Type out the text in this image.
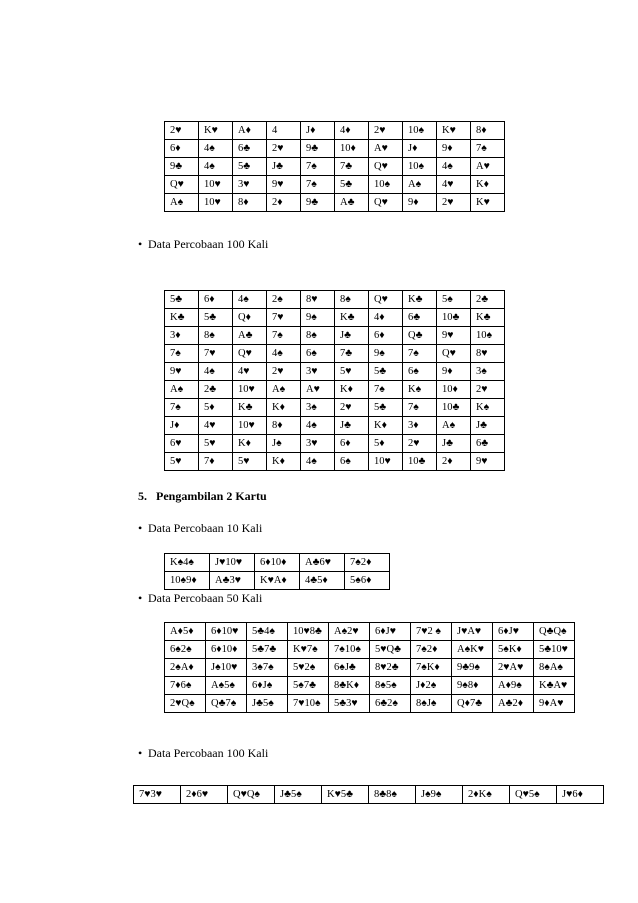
2♥	K♥	A♦	4	J♦	4♦	2♥	10♠	K♥	8♦
6♦	4♠	6♣	2♥	9♣	10♦	A♥	J♦	9♦	7♠
9♣	4♠	5♣	J♣	7♠	7♣	Q♥	10♠	4♠	A♥
Q♥	10♥	3♥	9♥	7♠	5♣	10♠	A♠	4♥	K♦
A♠	10♥	8♦	2♦	9♣	A♣	Q♥	9♦	2♥	K♥
• Data Percobaan 100 Kali
5♣	6♦	4♠	2♠	8♥	8♠	Q♥	K♣	5♠	2♣
K♣	5♣	Q♦	7♥	9♠	K♣	4♦	6♣	10♣	K♣
3♦	8♠	A♣	7♠	8♠	J♣	6♦	Q♣	9♥	10♠
7♠	7♥	Q♥	4♠	6♠	7♣	9♠	7♠	Q♥	8♥
9♥	4♠	4♥	2♥	3♥	5♥	5♣	6♠	9♦	3♠
A♠	2♣	10♥	A♠	A♥	K♦	7♠	K♠	10♦	2♥
7♠	5♦	K♣	K♦	3♠	2♥	5♣	7♠	10♣	K♠
J♦	4♥	10♥	8♦	4♠	J♣	K♦	3♦	A♠	J♣
6♥	5♥	K♦	J♠	3♥	6♦	5♦	2♥	J♣	6♣
5♥	7♦	5♥	K♦	4♠	6♠	10♥	10♣	2♦	9♥
5.   Pengambilan 2 Kartu
• Data Percobaan 10 Kali
K♠4♠	J♥10♥	6♦10♦	A♣6♥	7♠2♦
10♠9♦	A♣3♥	K♥A♦	4♣5♦	5♠6♦
• Data Percobaan 50 Kali
A♦5♦	6♦10♥	5♣4♠	10♥8♣	A♠2♥	6♦J♥	7♥2 ♠	J♥A♥	6♦J♥	Q♣Q♠
6♠2♠	6♦10♦	5♣7♣	K♥7♠	7♠10♠	5♥Q♣	7♠2♦	A♠K♥	5♠K♦	5♣10♥
2♠A♦	J♠10♥	3♠7♠	5♥2♠	6♠J♣	8♥2♣	7♠K♦	9♣9♠	2♥A♥	8♠A♠
7♦6♠	A♠5♠	6♦J♠	5♠7♣	8♣K♦	8♠5♠	J♦2♠	9♠8♦	A♦9♠	K♣A♥
2♥Q♠	Q♣7♠	J♣5♠	7♥10♠	5♣3♥	6♣2♠	8♠J♠	Q♦7♣	A♣2♦	9♦A♥
• Data Percobaan 100 Kali
7♥3♥	2♦6♥	Q♥Q♠	J♣5♠	K♥5♣	8♣8♠	J♠9♠	2♦K♠	Q♥5♠	J♥6♦
